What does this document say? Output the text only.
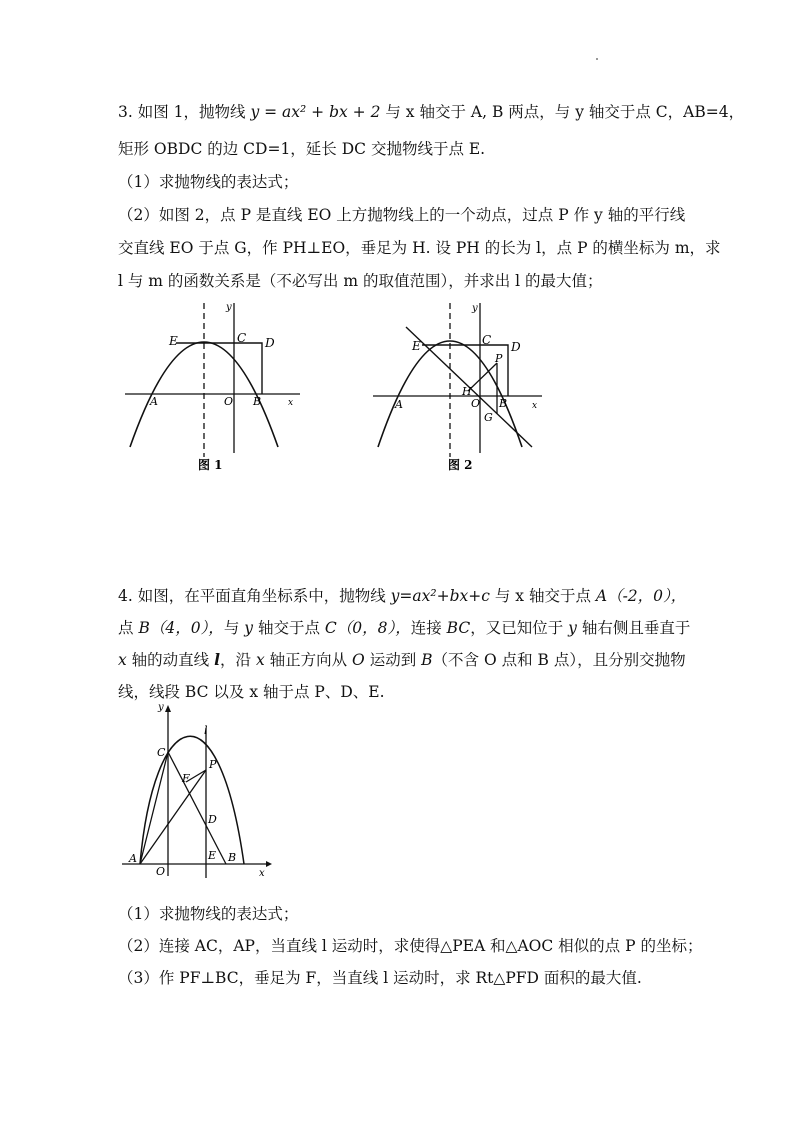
3. 如图 1，抛物线 y = ax² + bx + 2 与 x 轴交于 A, B 两点，与 y 轴交于点 C，AB=4，
矩形 OBDC 的边 CD=1，延长 DC 交抛物线于点 E.
（1）求抛物线的表达式；
（2）如图 2，点 P 是直线 EO 上方抛物线上的一个动点，过点 P 作 y 轴的平行线
交直线 EO 于点 G，作 PH⊥EO，垂足为 H. 设 PH 的长为 l，点 P 的横坐标为 m，求
l 与 m 的函数关系是（不必写出 m 的取值范围），并求出 l 的最大值；
E	C D
A	O B	x
y
图 1
E	C D
P
H
A	O B
G
x
y
图 2
4. 如图，在平面直角坐标系中，抛物线 y=ax²+bx+c 与 x 轴交于点 A（-2，0），
点 B（4，0），与 y 轴交于点 C（0，8），连接 BC，又已知位于 y 轴右侧且垂直于
x 轴的动直线 l，沿 x 轴正方向从 O 运动到 B（不含 O 点和 B 点），且分别交抛物
线，线段 BC 以及 x 轴于点 P、D、E.
y
l
C
P
F
D
A
O
E B
x
（1）求抛物线的表达式；
（2）连接 AC，AP，当直线 l 运动时，求使得△PEA 和△AOC 相似的点 P 的坐标；
（3）作 PF⊥BC，垂足为 F，当直线 l 运动时，求 Rt△PFD 面积的最大值.
